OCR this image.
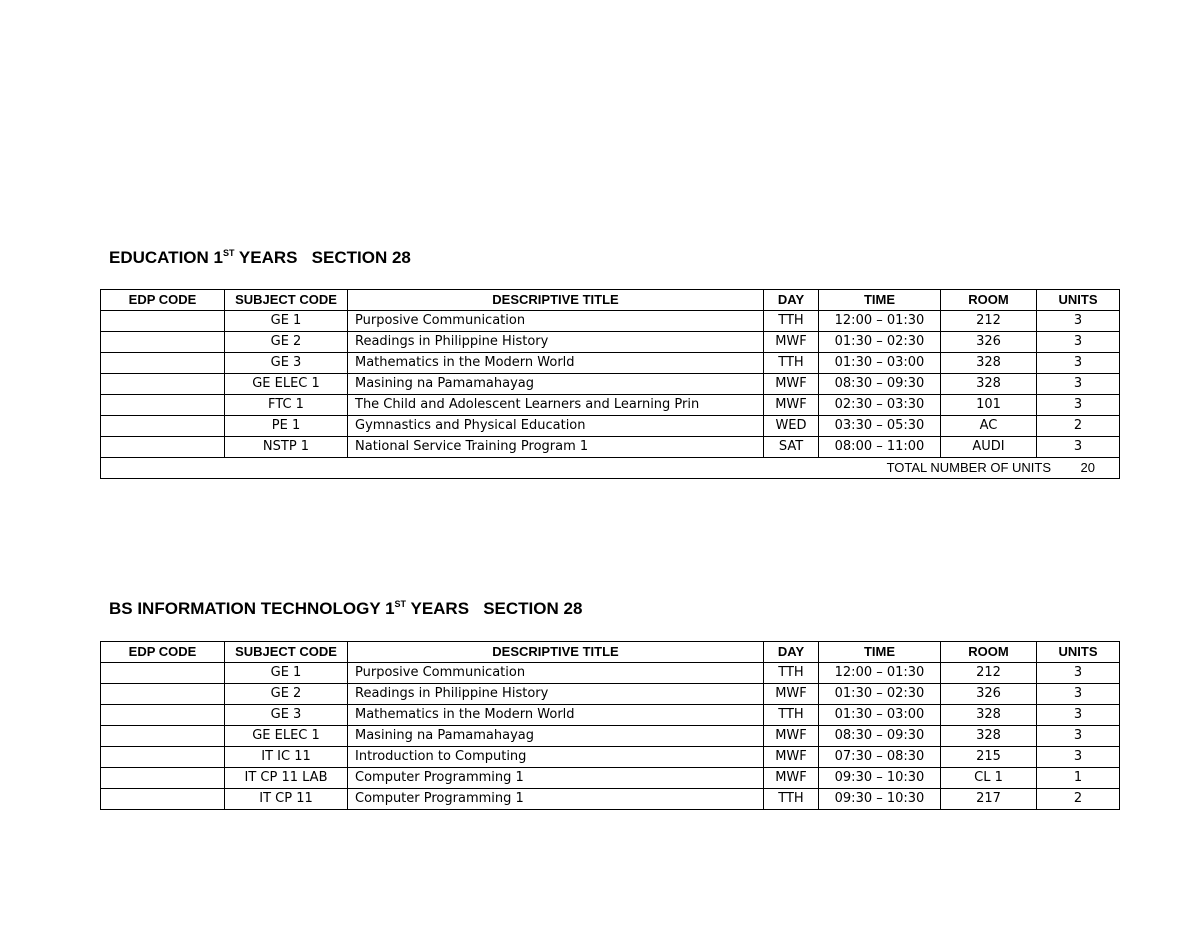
EDUCATION 1ST YEARS   SECTION 28
EDP CODE	SUBJECT CODE	DESCRIPTIVE TITLE	DAY	TIME	ROOM	UNITS
	GE 1	Purposive Communication	TTH	12:00 – 01:30	212	3
	GE 2	Readings in Philippine History	MWF	01:30 – 02:30	326	3
	GE 3	Mathematics in the Modern World	TTH	01:30 – 03:00	328	3
	GE ELEC 1	Masining na Pamamahayag	MWF	08:30 – 09:30	328	3
	FTC 1	The Child and Adolescent Learners and Learning Prin	MWF	02:30 – 03:30	101	3
	PE 1	Gymnastics and Physical Education	WED	03:30 – 05:30	AC	2
	NSTP 1	National Service Training Program 1	SAT	08:00 – 11:00	AUDI	3
TOTAL NUMBER OF UNITS 20						
BS INFORMATION TECHNOLOGY 1ST YEARS   SECTION 28
EDP CODE	SUBJECT CODE	DESCRIPTIVE TITLE	DAY	TIME	ROOM	UNITS
	GE 1	Purposive Communication	TTH	12:00 – 01:30	212	3
	GE 2	Readings in Philippine History	MWF	01:30 – 02:30	326	3
	GE 3	Mathematics in the Modern World	TTH	01:30 – 03:00	328	3
	GE ELEC 1	Masining na Pamamahayag	MWF	08:30 – 09:30	328	3
	IT IC 11	Introduction to Computing	MWF	07:30 – 08:30	215	3
	IT CP 11 LAB	Computer Programming 1	MWF	09:30 – 10:30	CL 1	1
	IT CP 11	Computer Programming 1	TTH	09:30 – 10:30	217	2
